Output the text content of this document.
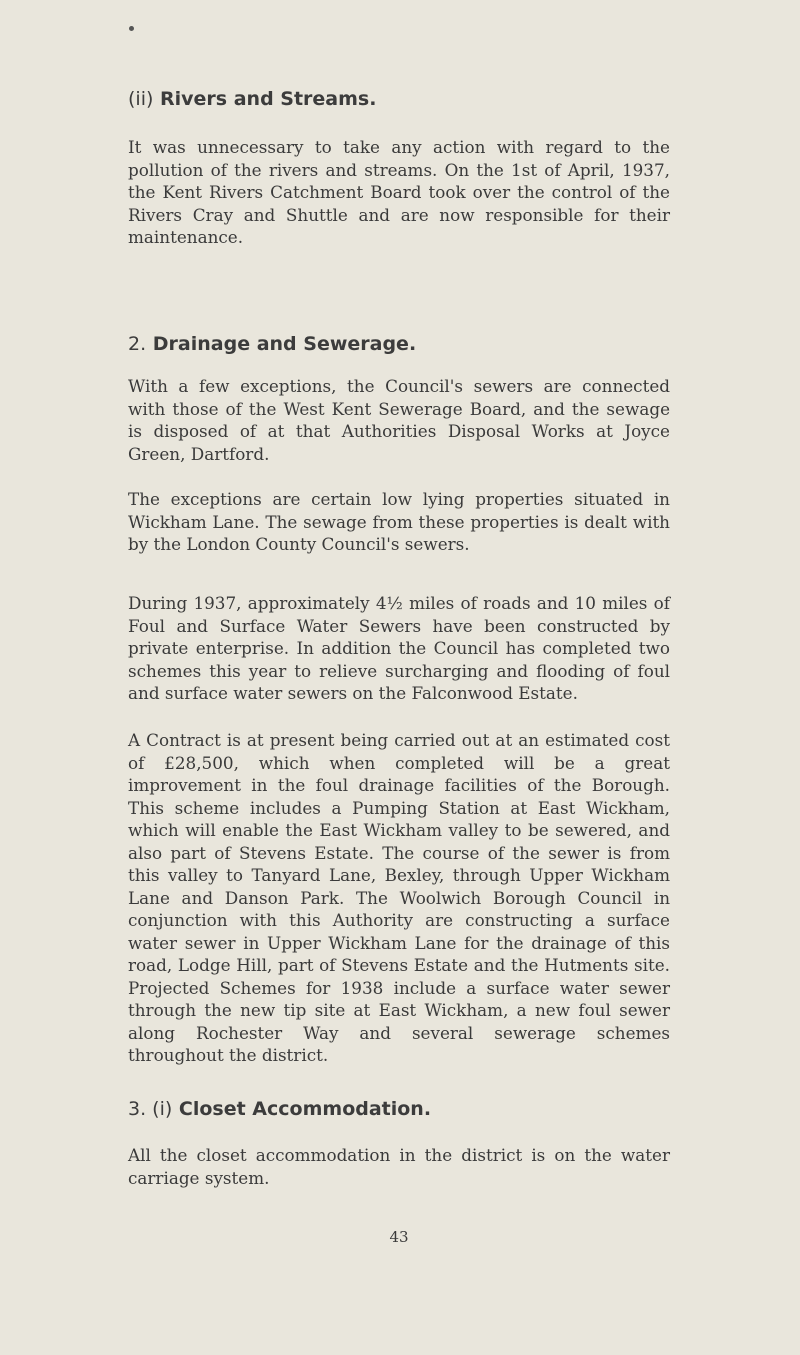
(ii) Rivers and Streams.

It was unnecessary to take any action with regard to the pollution of the rivers and streams. On the 1st of April, 1937, the Kent Rivers Catchment Board took over the control of the Rivers Cray and Shuttle and are now responsible for their maintenance.

2. Drainage and Sewerage.

With a few exceptions, the Council's sewers are connected with those of the West Kent Sewerage Board, and the sewage is disposed of at that Authorities Disposal Works at Joyce Green, Dartford.

The exceptions are certain low lying properties situated in Wickham Lane. The sewage from these properties is dealt with by the London County Council's sewers.

During 1937, approximately 4½ miles of roads and 10 miles of Foul and Surface Water Sewers have been constructed by private enterprise. In addition the Council has completed two schemes this year to relieve surcharging and flooding of foul and surface water sewers on the Falconwood Estate.

A Contract is at present being carried out at an estimated cost of £28,500, which when completed will be a great improvement in the foul drainage facilities of the Borough. This scheme includes a Pumping Station at East Wickham, which will enable the East Wickham valley to be sewered, and also part of Stevens Estate. The course of the sewer is from this valley to Tanyard Lane, Bexley, through Upper Wickham Lane and Danson Park. The Woolwich Borough Council in conjunction with this Authority are constructing a surface water sewer in Upper Wickham Lane for the drainage of this road, Lodge Hill, part of Stevens Estate and the Hutments site. Projected Schemes for 1938 include a surface water sewer through the new tip site at East Wickham, a new foul sewer along Rochester Way and several sewerage schemes throughout the district.

3. (i) Closet Accommodation.

All the closet accommodation in the district is on the water carriage system.

43
